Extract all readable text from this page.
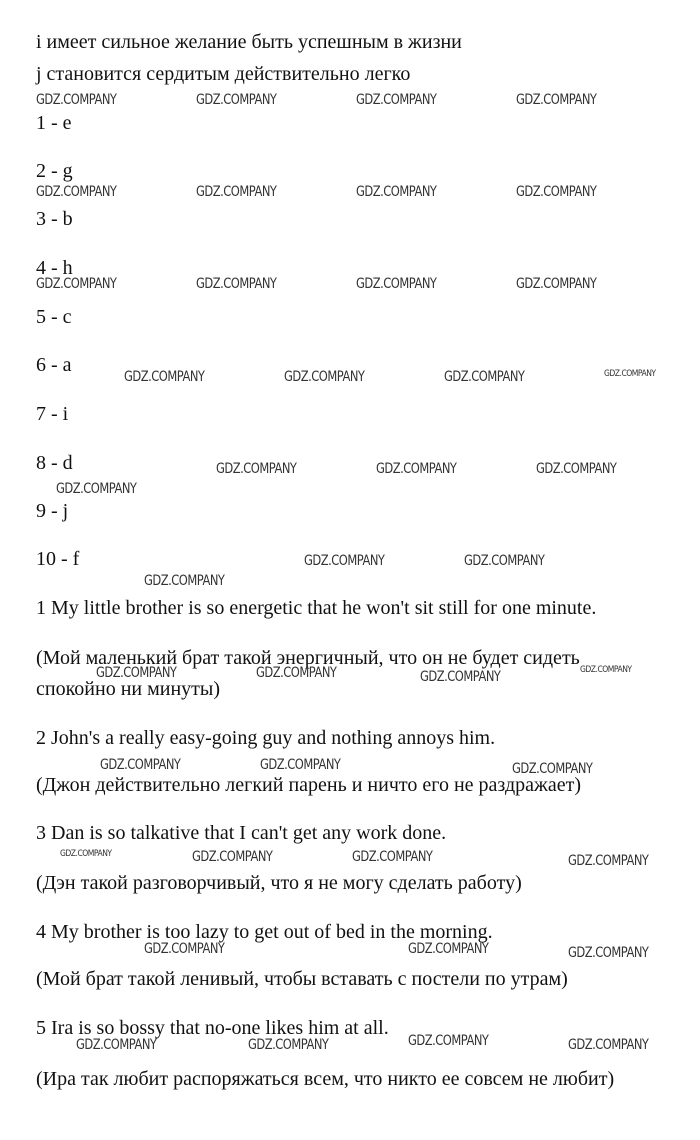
i имеет сильное желание быть успешным в жизни
j становится сердитым действительно легко
1 - e
2 - g
3 - b
4 - h
5 - c
6 - a
7 - i
8 - d
9 - j
10 - f
1 My little brother is so energetic that he won't sit still for one minute.
(Мой маленький брат такой энергичный, что он не будет сидеть
спокойно ни минуты)
2 John's a really easy-going guy and nothing annoys him.
(Джон действительно легкий парень и ничто его не раздражает)
3 Dan is so talkative that I can't get any work done.
(Дэн такой разговорчивый, что я не могу сделать работу)
4 My brother is too lazy to get out of bed in the morning.
(Мой брат такой ленивый, чтобы вставать с постели по утрам)
5 Ira is so bossy that no-one likes him at all.
(Ира так любит распоряжаться всем, что никто ее совсем не любит)
GDZ.COMPANY	GDZ.COMPANY	GDZ.COMPANY	GDZ.COMPANY
GDZ.COMPANY	GDZ.COMPANY	GDZ.COMPANY	GDZ.COMPANY
GDZ.COMPANY	GDZ.COMPANY	GDZ.COMPANY	GDZ.COMPANY
GDZ.COMPANY	GDZ.COMPANY	GDZ.COMPANY	GDZ.COMPANY
GDZ.COMPANY	GDZ.COMPANY	GDZ.COMPANY
GDZ.COMPANY
GDZ.COMPANY	GDZ.COMPANY
GDZ.COMPANY
GDZ.COMPANY	GDZ.COMPANY	GDZ.COMPANY	GDZ.COMPANY
GDZ.COMPANY	GDZ.COMPANY	GDZ.COMPANY
GDZ.COMPANY	GDZ.COMPANY	GDZ.COMPANY	GDZ.COMPANY
GDZ.COMPANY	GDZ.COMPANY	GDZ.COMPANY
GDZ.COMPANY	GDZ.COMPANY	GDZ.COMPANY	GDZ.COMPANY
